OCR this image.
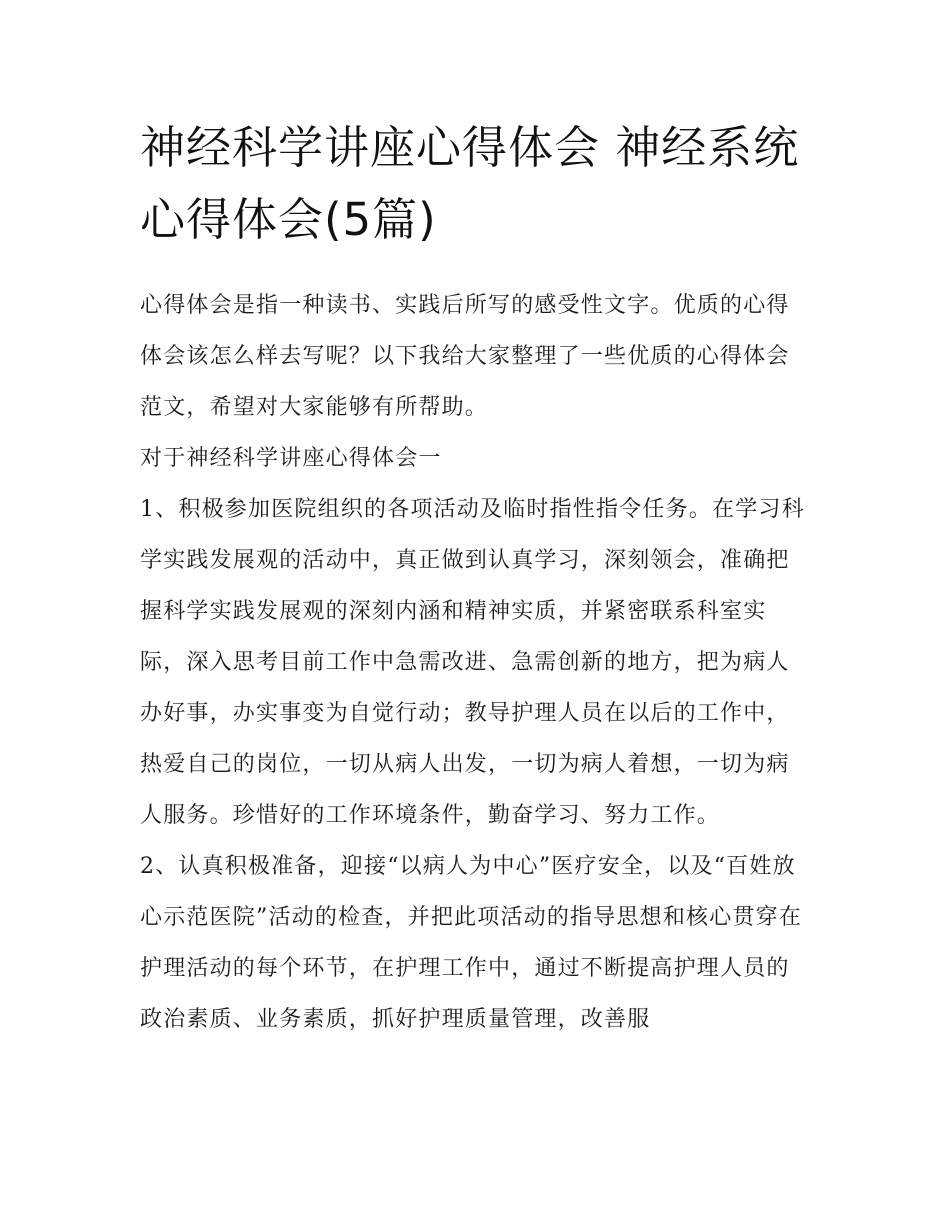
神经科学讲座心得体会 神经系统心得体会(5篇)

心得体会是指一种读书、实践后所写的感受性文字。优质的心得体会该怎么样去写呢？以下我给大家整理了一些优质的心得体会范文，希望对大家能够有所帮助。

对于神经科学讲座心得体会一

1、积极参加医院组织的各项活动及临时指性指令任务。在学习科学实践发展观的活动中，真正做到认真学习，深刻领会，准确把握科学实践发展观的深刻内涵和精神实质，并紧密联系科室实际，深入思考目前工作中急需改进、急需创新的地方，把为病人办好事，办实事变为自觉行动；教导护理人员在以后的工作中，热爱自己的岗位，一切从病人出发，一切为病人着想，一切为病人服务。珍惜好的工作环境条件，勤奋学习、努力工作。

2、认真积极准备，迎接“以病人为中心”医疗安全，以及“百姓放心示范医院”活动的检查，并把此项活动的指导思想和核心贯穿在护理活动的每个环节，在护理工作中，通过不断提高护理人员的政治素质、业务素质，抓好护理质量管理，改善服
